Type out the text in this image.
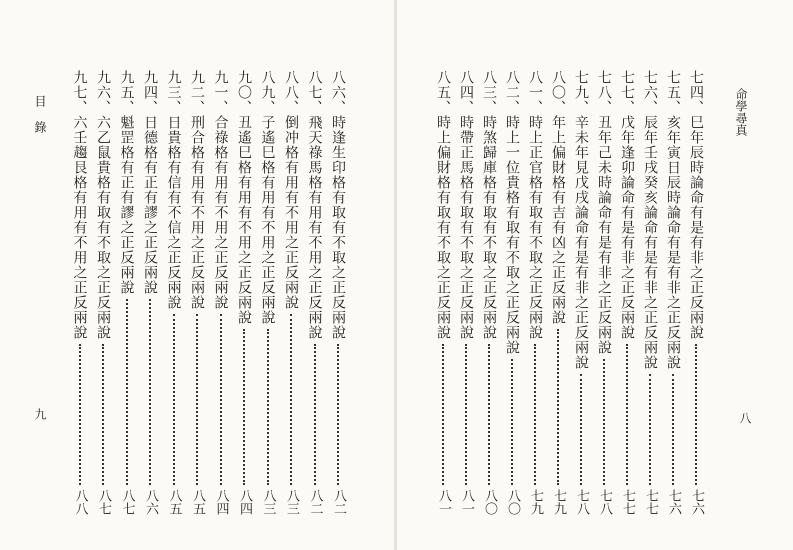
目 錄
九
八六、時逢生印格有取有不取之正反兩說
八二
八七、飛天祿馬格有用有不用之正反兩說
八二
八八、倒冲格有用有不用之正反兩說
八三
八九、子遙巳格有用有不用之正反兩說
八三
九〇、丑遙巳格有用有不用之正反兩說
八四
九一、合祿格有用有不用之正反兩說
八四
九二、刑合格有用有不用之正反兩說
八五
九三、日貴格有信有不信之正反兩說
八五
九四、日德格有正有謬之正反兩說
八六
九五、魁罡格有正有謬之正反兩說
八七
九六、六乙鼠貴格有取有不取之正反兩說
八七
九七、六壬趨艮格有用有不用之正反兩說
八八
命學尋真
八
七四、巳年辰時論命有是有非之正反兩說
七六
七五、亥年寅日辰時論命有是有非之正反兩說
七六
七六、辰年壬戌癸亥論命有是有非之正反兩說
七七
七七、戊年逢卯論命有是有非之正反兩說
七七
七八、丑年己未時論命有是有非之正反兩說
七八
七九、辛未年見戊戌論命有是有非之正反兩說
七八
八〇、年上偏財格有吉有凶之正反兩說
七九
八一、時上正官格有取有不取之正反兩說
七九
八二、時上一位貴格有取有不取之正反兩說
八〇
八三、時煞歸庫格有取有不取之正反兩說
八〇
八四、時帶正馬格有取有不取之正反兩說
八一
八五、時上偏財格有取有不取之正反兩說
八一
